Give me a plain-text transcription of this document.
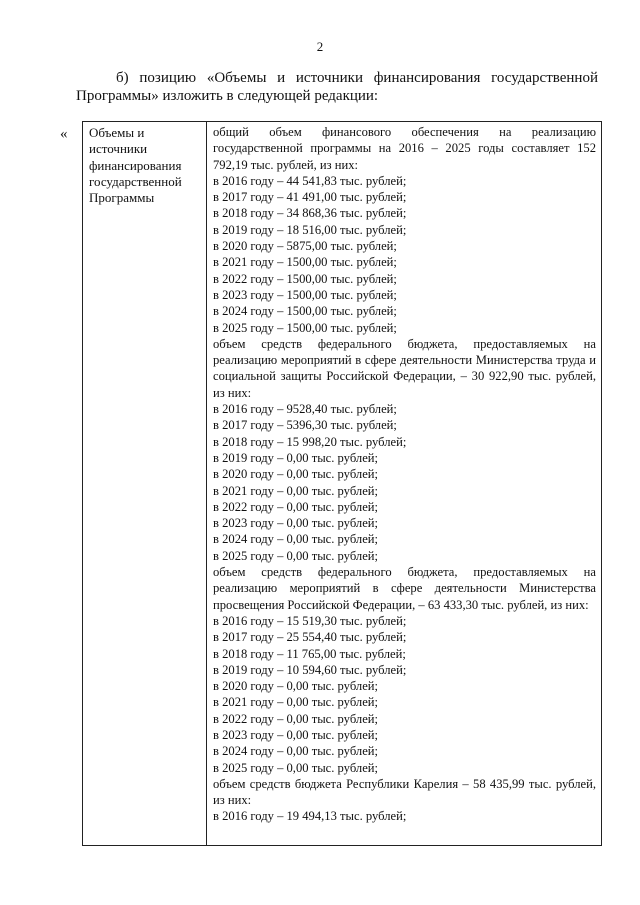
2
б) позицию «Объемы и источники финансирования государственной Программы» изложить в следующей редакции:
« Объемы и
источники
финансирования
государственной
Программы

общий объем финансового обеспечения на реализацию государственной программы на 2016 – 2025 годы составляет 152 792,19 тыс. рублей, из них:

в 2016 году – 44 541,83 тыс. рублей;

в 2017 году – 41 491,00 тыс. рублей;

в 2018 году – 34 868,36 тыс. рублей;

в 2019 году – 18 516,00 тыс. рублей;

в 2020 году – 5875,00 тыс. рублей;

в 2021 году – 1500,00 тыс. рублей;

в 2022 году – 1500,00 тыс. рублей;

в 2023 году – 1500,00 тыс. рублей;

в 2024 году – 1500,00 тыс. рублей;

в 2025 году – 1500,00 тыс. рублей;

объем средств федерального бюджета, предоставляемых на реализацию мероприятий в сфере деятельности Министерства труда и социальной защиты Российской Федерации, – 30 922,90 тыс. рублей, из них:

в 2016 году – 9528,40 тыс. рублей;

в 2017 году – 5396,30 тыс. рублей;

в 2018 году – 15 998,20 тыс. рублей;

в 2019 году – 0,00 тыс. рублей;

в 2020 году – 0,00 тыс. рублей;

в 2021 году – 0,00 тыс. рублей;

в 2022 году – 0,00 тыс. рублей;

в 2023 году – 0,00 тыс. рублей;

в 2024 году – 0,00 тыс. рублей;

в 2025 году – 0,00 тыс. рублей;

объем средств федерального бюджета, предоставляемых на реализацию мероприятий в сфере деятельности Министерства просвещения Российской Федерации, – 63 433,30 тыс. рублей, из них:

в 2016 году – 15 519,30 тыс. рублей;

в 2017 году – 25 554,40 тыс. рублей;

в 2018 году – 11 765,00 тыс. рублей;

в 2019 году – 10 594,60 тыс. рублей;

в 2020 году – 0,00 тыс. рублей;

в 2021 году – 0,00 тыс. рублей;

в 2022 году – 0,00 тыс. рублей;

в 2023 году – 0,00 тыс. рублей;

в 2024 году – 0,00 тыс. рублей;

в 2025 году – 0,00 тыс. рублей;

объем средств бюджета Республики Карелия – 58 435,99 тыс. рублей, из них:

в 2016 году – 19 494,13 тыс. рублей;
